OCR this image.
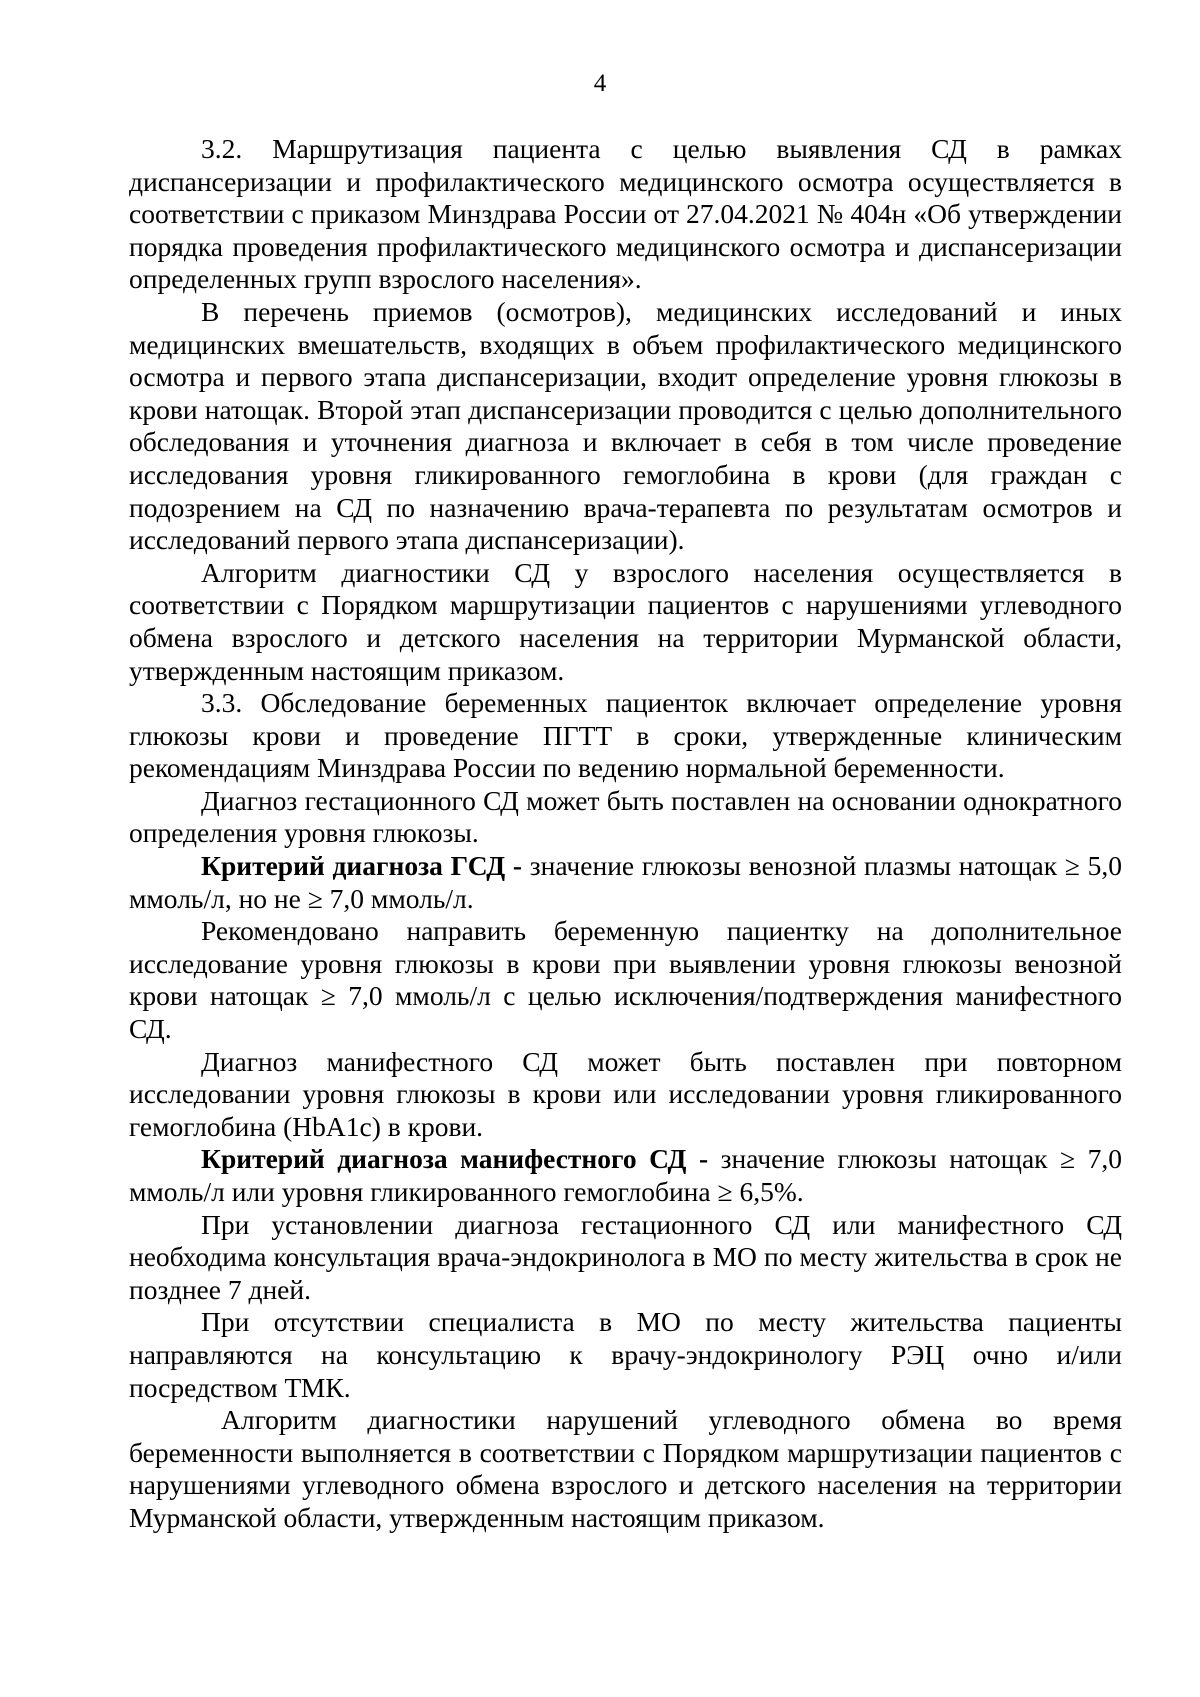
4

3.2. Маршрутизация пациента с целью выявления СД в рамках диспансеризации и профилактического медицинского осмотра осуществляется в соответствии с приказом Минздрава России от 27.04.2021 № 404н «Об утверждении порядка проведения профилактического медицинского осмотра и диспансеризации определенных групп взрослого населения».

В перечень приемов (осмотров), медицинских исследований и иных медицинских вмешательств, входящих в объем профилактического медицинского осмотра и первого этапа диспансеризации, входит определение уровня глюкозы в крови натощак. Второй этап диспансеризации проводится с целью дополнительного обследования и уточнения диагноза и включает в себя в том числе проведение исследования уровня гликированного гемоглобина в крови (для граждан с подозрением на СД по назначению врача-терапевта по результатам осмотров и исследований первого этапа диспансеризации).

Алгоритм диагностики СД у взрослого населения осуществляется в соответствии с Порядком маршрутизации пациентов с нарушениями углеводного обмена взрослого и детского населения на территории Мурманской области, утвержденным настоящим приказом.

3.3. Обследование беременных пациенток включает определение уровня глюкозы крови и проведение ПГТТ в сроки, утвержденные клиническим рекомендациям Минздрава России по ведению нормальной беременности.

Диагноз гестационного СД может быть поставлен на основании однократного определения уровня глюкозы.

Критерий диагноза ГСД - значение глюкозы венозной плазмы натощак ≥ 5,0 ммоль/л, но не ≥ 7,0 ммоль/л.

Рекомендовано направить беременную пациентку на дополнительное исследование уровня глюкозы в крови при выявлении уровня глюкозы венозной крови натощак ≥ 7,0 ммоль/л с целью исключения/подтверждения манифестного СД.

Диагноз манифестного СД может быть поставлен при повторном исследовании уровня глюкозы в крови или исследовании уровня гликированного гемоглобина (HbA1c) в крови.

Критерий диагноза манифестного СД - значение глюкозы натощак ≥ 7,0 ммоль/л или уровня гликированного гемоглобина ≥ 6,5%.

При установлении диагноза гестационного СД или манифестного СД необходима консультация врача-эндокринолога в МО по месту жительства в срок не позднее 7 дней.

При отсутствии специалиста в МО по месту жительства пациенты направляются на консультацию к врачу-эндокринологу РЭЦ очно и/или посредством ТМК.

Алгоритм диагностики нарушений углеводного обмена во время беременности выполняется в соответствии с Порядком маршрутизации пациентов с нарушениями углеводного обмена взрослого и детского населения на территории Мурманской области, утвержденным настоящим приказом.
